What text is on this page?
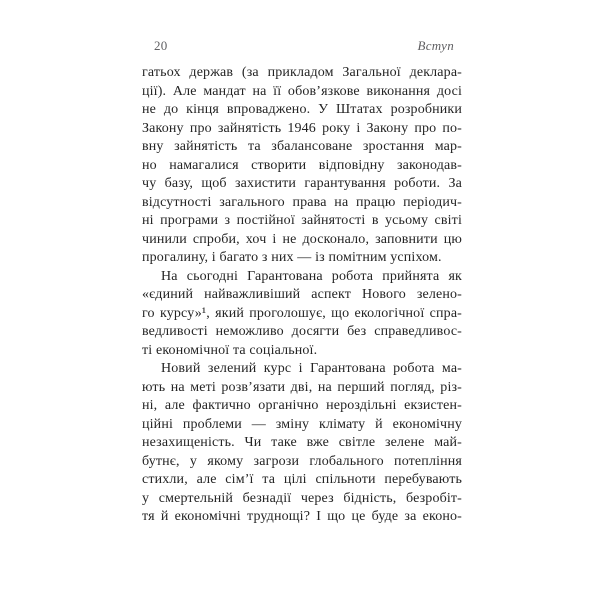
20	Вступ
гатьох держав (за прикладом Загальної деклара-
ції). Але мандат на її обов’язкове виконання досі
не до кінця впроваджено. У Штатах розробники
Закону про зайнятість 1946 року і Закону про по-
вну зайнятість та збалансоване зростання мар-
но намагалися створити відповідну законодав-
чу базу, щоб захистити гарантування роботи. За
відсутності загального права на працю періодич-
ні програми з постійної зайнятості в усьому світі
чинили спроби, хоч і не досконало, заповнити цю
прогалину, і багато з них — із помітним успіхом.
На сьогодні Гарантована робота прийнята як
«єдиний найважливіший аспект Нового зелено-
го курсу»¹, який проголошує, що екологічної спра-
ведливості неможливо досягти без справедливос-
ті економічної та соціальної.
Новий зелений курс і Гарантована робота ма-
ють на меті розв’язати дві, на перший погляд, різ-
ні, але фактично органічно нероздільні екзистен-
ційні проблеми — зміну клімату й економічну
незахищеність. Чи таке вже світле зелене май-
бутнє, у якому загрози глобального потепління
стихли, але сім’ї та цілі спільноти перебувають
у смертельній безнадії через бідність, безробіт-
тя й економічні труднощі? І що це буде за еконо-
